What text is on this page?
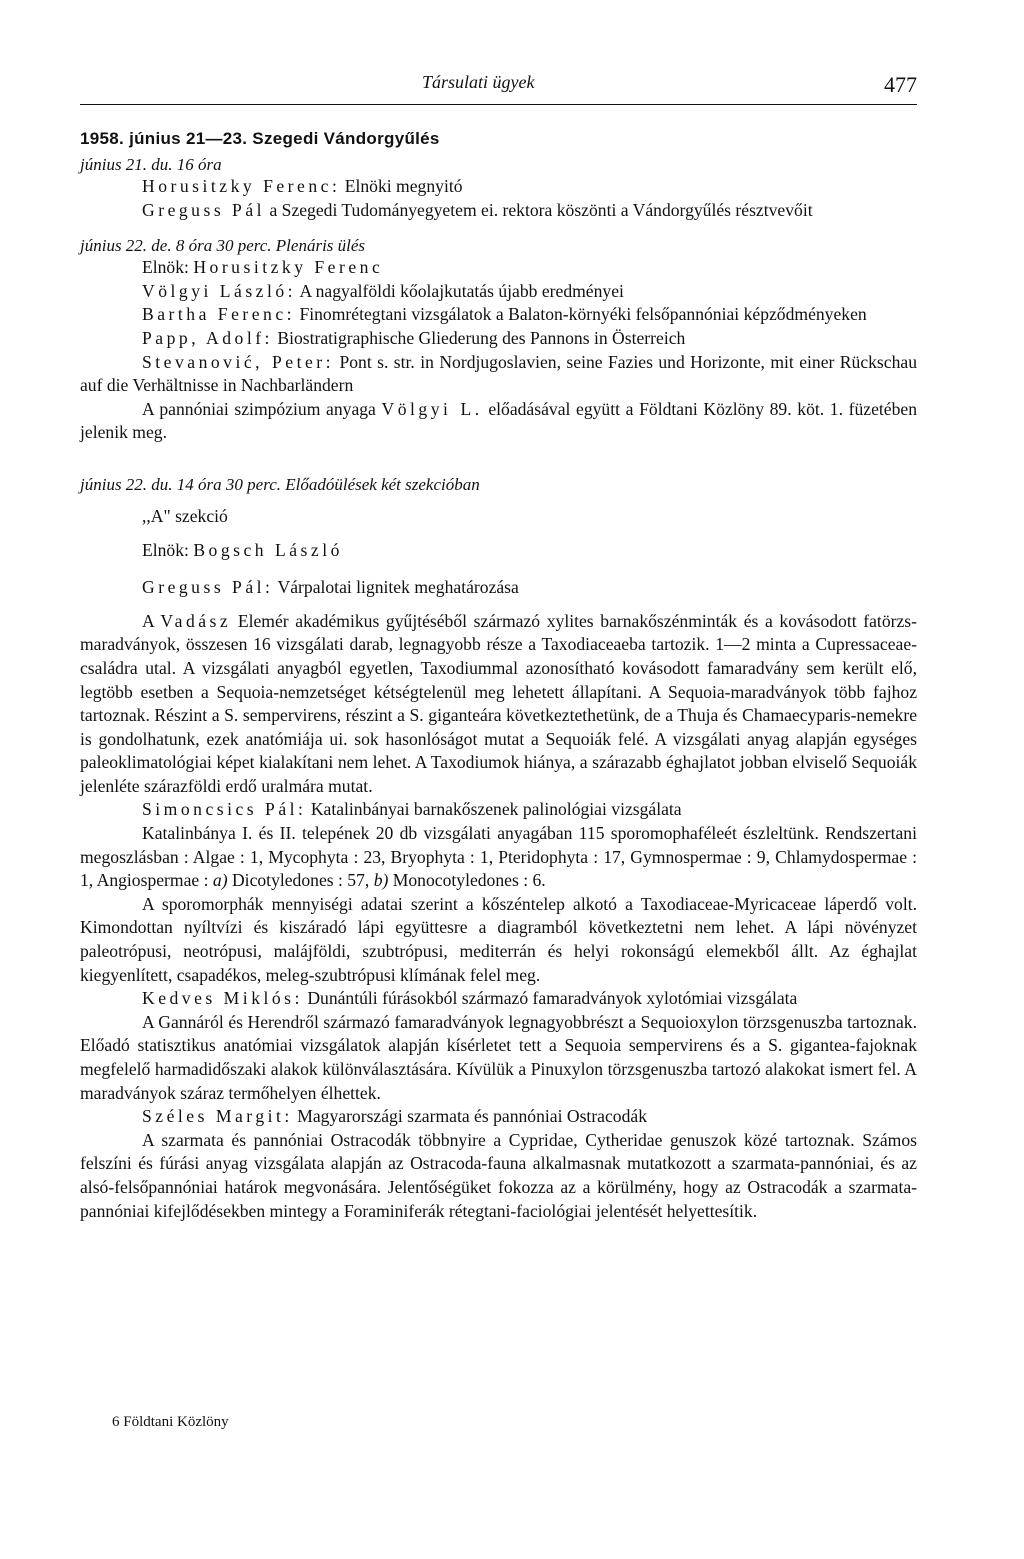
Társulati ügyek	477
1958. június 21—23. Szegedi Vándorgyűlés
június 21. du. 16 óra

Horusitzky Ferenc: Elnöki megnyitó

Greguss Pál a Szegedi Tudományegyetem ei. rektora köszönti a Vándorgyűlés résztvevőit

június 22. de. 8 óra 30 perc. Plenáris ülés

Elnök: Horusitzky Ferenc

Völgyi László: A nagyalföldi kőolajkutatás újabb eredményei

Bartha Ferenc: Finomrétegtani vizsgálatok a Balaton-környéki felsőpannóniai képződményeken

Papp, Adolf: Biostratigraphische Gliederung des Pannons in Österreich

Stevanović, Peter: Pont s. str. in Nordjugoslavien, seine Fazies und Horizonte, mit einer Rückschau auf die Verhältnisse in Nachbarländern

A pannóniai szimpózium anyaga Völgyi L. előadásával együtt a Földtani Közlöny 89. köt. 1. füzetében jelenik meg.

június 22. du. 14 óra 30 perc. Előadóülések két szekcióban

,,A" szekció

Elnök: Bogsch László

Greguss Pál: Várpalotai lignitek meghatározása

A Vadász Elemér akadémikus gyűjtéséből származó xylites barnakőszénminták és a kovásodott fatörzs-maradványok, összesen 16 vizsgálati darab, legnagyobb része a Taxodiaceaeba tartozik. 1—2 minta a Cupressaceae-családra utal. A vizsgálati anyagból egyetlen, Taxodiummal azonosítható kovásodott famaradvány sem került elő, legtöbb esetben a Sequoia-nemzetséget kétségtelenül meg lehetett állapítani. A Sequoia-maradványok több fajhoz tartoznak. Részint a S. sempervirens, részint a S. giganteára következtethetünk, de a Thuja és Chamaecyparis-nemekre is gondolhatunk, ezek anatómiája ui. sok hasonlóságot mutat a Sequoiák felé. A vizsgálati anyag alapján egységes paleoklimatológiai képet kialakítani nem lehet. A Taxodiumok hiánya, a szárazabb éghajlatot jobban elviselő Sequoiák jelenléte szárazföldi erdő uralmára mutat.

Simoncsics Pál: Katalinbányai barnakőszenek palinológiai vizsgálata

Katalinbánya I. és II. telepének 20 db vizsgálati anyagában 115 sporomophaféleét észleltünk. Rendszertani megoszlásban : Algae : 1, Mycophyta : 23, Bryophyta : 1, Pteridophyta : 17, Gymnospermae : 9, Chlamydospermae : 1, Angiospermae : a) Dicotyledones : 57, b) Monocotyledones : 6.

A sporomorphák mennyiségi adatai szerint a kőszéntelep alkotó a Taxodiaceae-Myricaceae láperdő volt. Kimondottan nyíltvízi és kiszáradó lápi együttesre a diagramból következtetni nem lehet. A lápi növényzet paleotrópusi, neotrópusi, malájföldi, szubtrópusi, mediterrán és helyi rokonságú elemekből állt. Az éghajlat kiegyenlített, csapadékos, meleg-szubtrópusi klímának felel meg.

Kedves Miklós: Dunántúli fúrásokból származó famaradványok xylotómiai vizsgálata

A Gannáról és Herendről származó famaradványok legnagyobbrészt a Sequoioxylon törzsgenuszba tartoznak. Előadó statisztikus anatómiai vizsgálatok alapján kísérletet tett a Sequoia sempervirens és a S. gigantea-fajoknak megfelelő harmadidőszaki alakok különválasztására. Kívülük a Pinuxylon törzsgenuszba tartozó alakokat ismert fel. A maradványok száraz termőhelyen élhettek.

Széles Margit: Magyarországi szarmata és pannóniai Ostracodák

A szarmata és pannóniai Ostracodák többnyire a Cypridae, Cytheridae genuszok közé tartoznak. Számos felszíni és fúrási anyag vizsgálata alapján az Ostracoda-fauna alkalmasnak mutatkozott a szarmata-pannóniai, és az alsó-felsőpannóniai határok megvonására. Jelentőségüket fokozza az a körülmény, hogy az Ostracodák a szarmata-pannóniai kifejlődésekben mintegy a Foraminiferák rétegtani-faciológiai jelentését helyettesítik.

6 Földtani Közlöny
